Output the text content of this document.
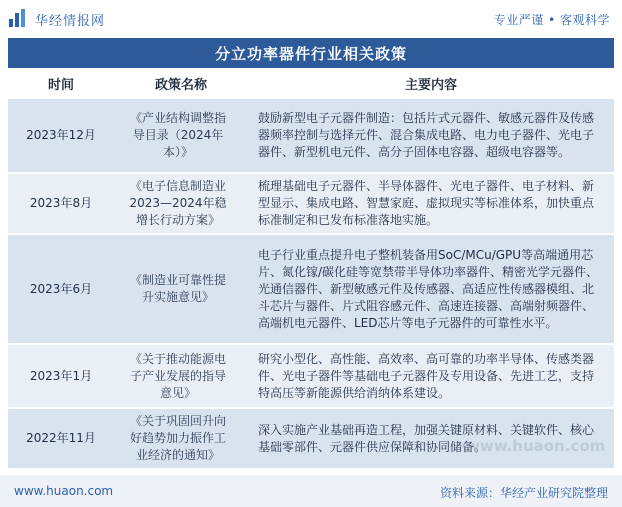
华经情报网	专业严谨 • 客观科学
分立功率器件行业相关政策
时间	政策名称	主要内容
2023年12月	《产业结构调整指导目录（2024年本）》	鼓励新型电子元器件制造：包括片式元器件、敏感元器件及传感器频率控制与选择元件、混合集成电路、电力电子器件、光电子器件、新型机电元件、高分子固体电容器、超级电容器等。
2023年8月	《电子信息制造业2023—2024年稳增长行动方案》	梳理基础电子元器件、半导体器件、光电子器件、电子材料、新型显示、集成电路、智慧家庭、虚拟现实等标准体系，加快重点标准制定和已发布标准落地实施。
2023年6月	《制造业可靠性提升实施意见》	电子行业重点提升电子整机装备用SoC/MCu/GPU等高端通用芯片、氮化镓/碳化硅等宽禁带半导体功率器件、精密光学元器件、光通信器件、新型敏感元件及传感器、高适应性传感器模组、北斗芯片与器件、片式阻容感元件、高速连接器、高端射频器件、高端机电元器件、LED芯片等电子元器件的可靠性水平。
2023年1月	《关于推动能源电子产业发展的指导意见》	研究小型化、高性能、高效率、高可靠的功率半导体、传感类器件、光电子器件等基础电子元器件及专用设备、先进工艺，支持特高压等新能源供给消纳体系建设。
2022年11月	《关于巩固回升向好趋势加力振作工业经济的通知》	深入实施产业基础再造工程，加强关键原材料、关键软件、核心基础零部件、元器件供应保障和协同储备。
www.huaon.com
www.huaon.com	资料来源：华经产业研究院整理
